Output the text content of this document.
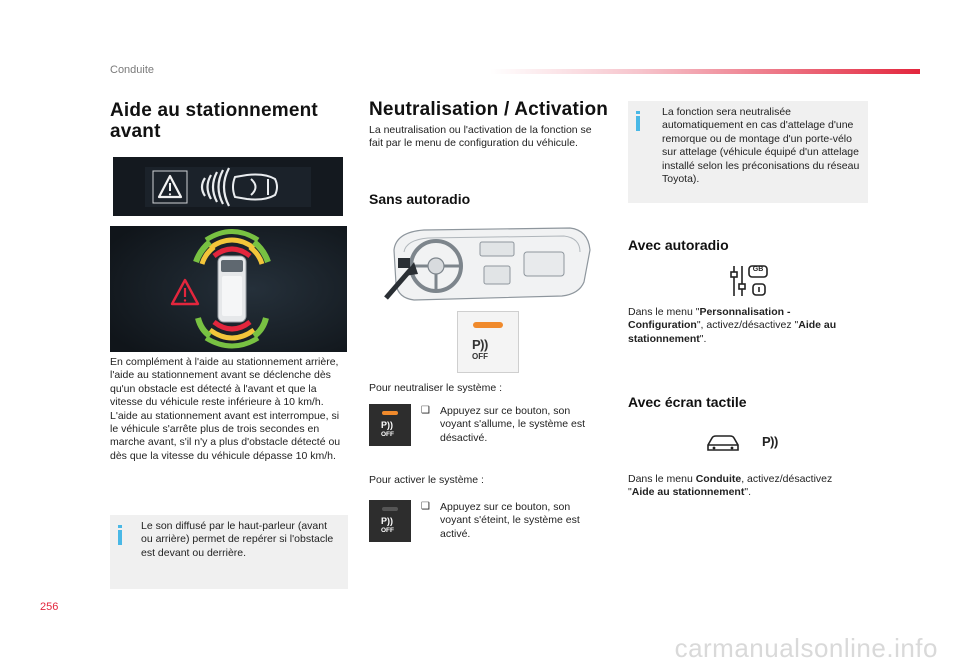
Conduite
Aide au stationnement avant

En complément à l'aide au stationnement arrière, l'aide au stationnement avant se déclenche dès qu'un obstacle est détecté à l'avant et que la vitesse du véhicule reste inférieure à 10 km/h. L'aide au stationnement avant est interrompue, si le véhicule s'arrête plus de trois secondes en marche avant, s'il n'y a plus d'obstacle détecté ou dès que la vitesse du véhicule dépasse 10 km/h.

Le son diffusé par le haut-parleur (avant ou arrière) permet de repérer si l'obstacle est devant ou derrière.

Neutralisation / Activation

La neutralisation ou l'activation de la fonction se fait par le menu de configuration du véhicule.

Sans autoradio
P))
OFF

Pour neutraliser le système :

P))
OFF
❑ Appuyez sur ce bouton, son voyant s'allume, le système est désactivé.

Pour activer le système :

P))
OFF
❑ Appuyez sur ce bouton, son voyant s'éteint, le système est activé.

La fonction sera neutralisée automatiquement en cas d'attelage d'une remorque ou de montage d'un porte-vélo sur attelage (véhicule équipé d'un attelage installé selon les préconisations du réseau Toyota).

Avec autoradio
GB

Dans le menu "Personnalisation - Configuration", activez/désactivez "Aide au stationnement".

Avec écran tactile
P))

Dans le menu Conduite, activez/désactivez "Aide au stationnement".

256
carmanualsonline.info
